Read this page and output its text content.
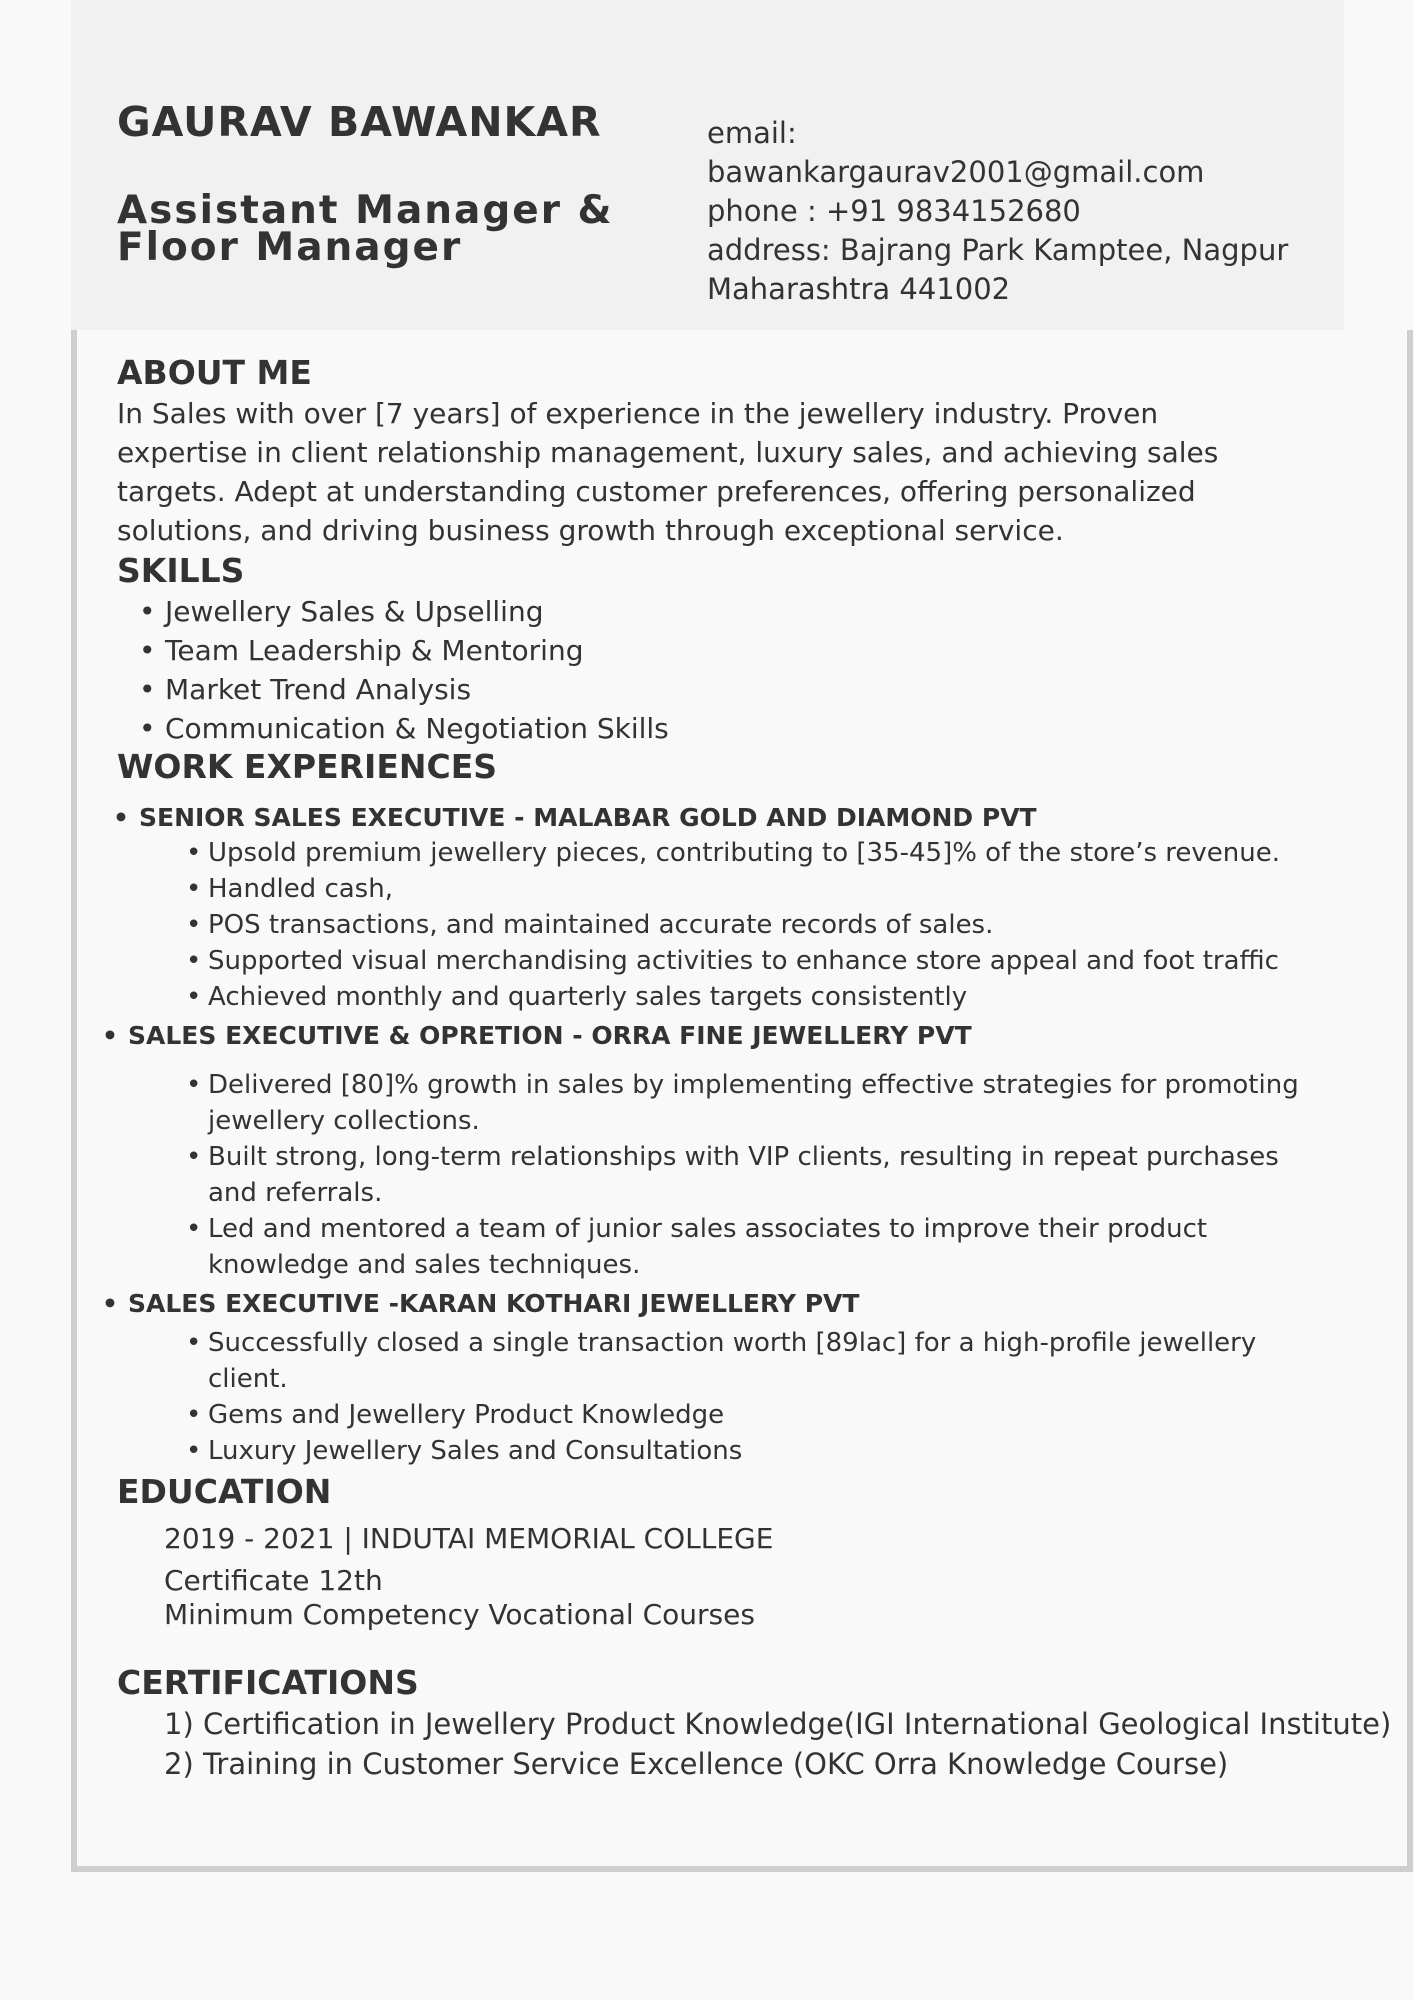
GAURAV BAWANKAR
Assistant Manager & Floor Manager
email:
bawankargaurav2001@gmail.com
phone : +91 9834152680
address: Bajrang Park Kamptee, Nagpur
Maharashtra 441002
ABOUT ME

In Sales with over [7 years] of experience in the jewellery industry. Proven expertise in client relationship management, luxury sales, and achieving sales targets. Adept at understanding customer preferences, offering personalized solutions, and driving business growth through exceptional service.

SKILLS
• Jewellery Sales & Upselling
• Team Leadership & Mentoring
• Market Trend Analysis
• Communication & Negotiation Skills
WORK EXPERIENCES
• SENIOR SALES EXECUTIVE - MALABAR GOLD AND DIAMOND PVT
• Upsold premium jewellery pieces, contributing to [35-45]% of the store’s revenue.
• Handled cash,
• POS transactions, and maintained accurate records of sales.
• Supported visual merchandising activities to enhance store appeal and foot traffic
• Achieved monthly and quarterly sales targets consistently
• SALES EXECUTIVE & OPRETION - ORRA FINE JEWELLERY PVT
• Delivered [80]% growth in sales by implementing effective strategies for promoting jewellery collections.
• Built strong, long-term relationships with VIP clients, resulting in repeat purchases and referrals.
• Led and mentored a team of junior sales associates to improve their product knowledge and sales techniques.
• SALES EXECUTIVE -KARAN KOTHARI JEWELLERY PVT
• Successfully closed a single transaction worth [89lac] for a high-profile jewellery client.
• Gems and Jewellery Product Knowledge
• Luxury Jewellery Sales and Consultations
EDUCATION
2019 - 2021 | INDUTAI MEMORIAL COLLEGE
Certificate 12th
Minimum Competency Vocational Courses
CERTIFICATIONS
1) Certification in Jewellery Product Knowledge(IGI International Geological Institute)
2) Training in Customer Service Excellence (OKC Orra Knowledge Course)
